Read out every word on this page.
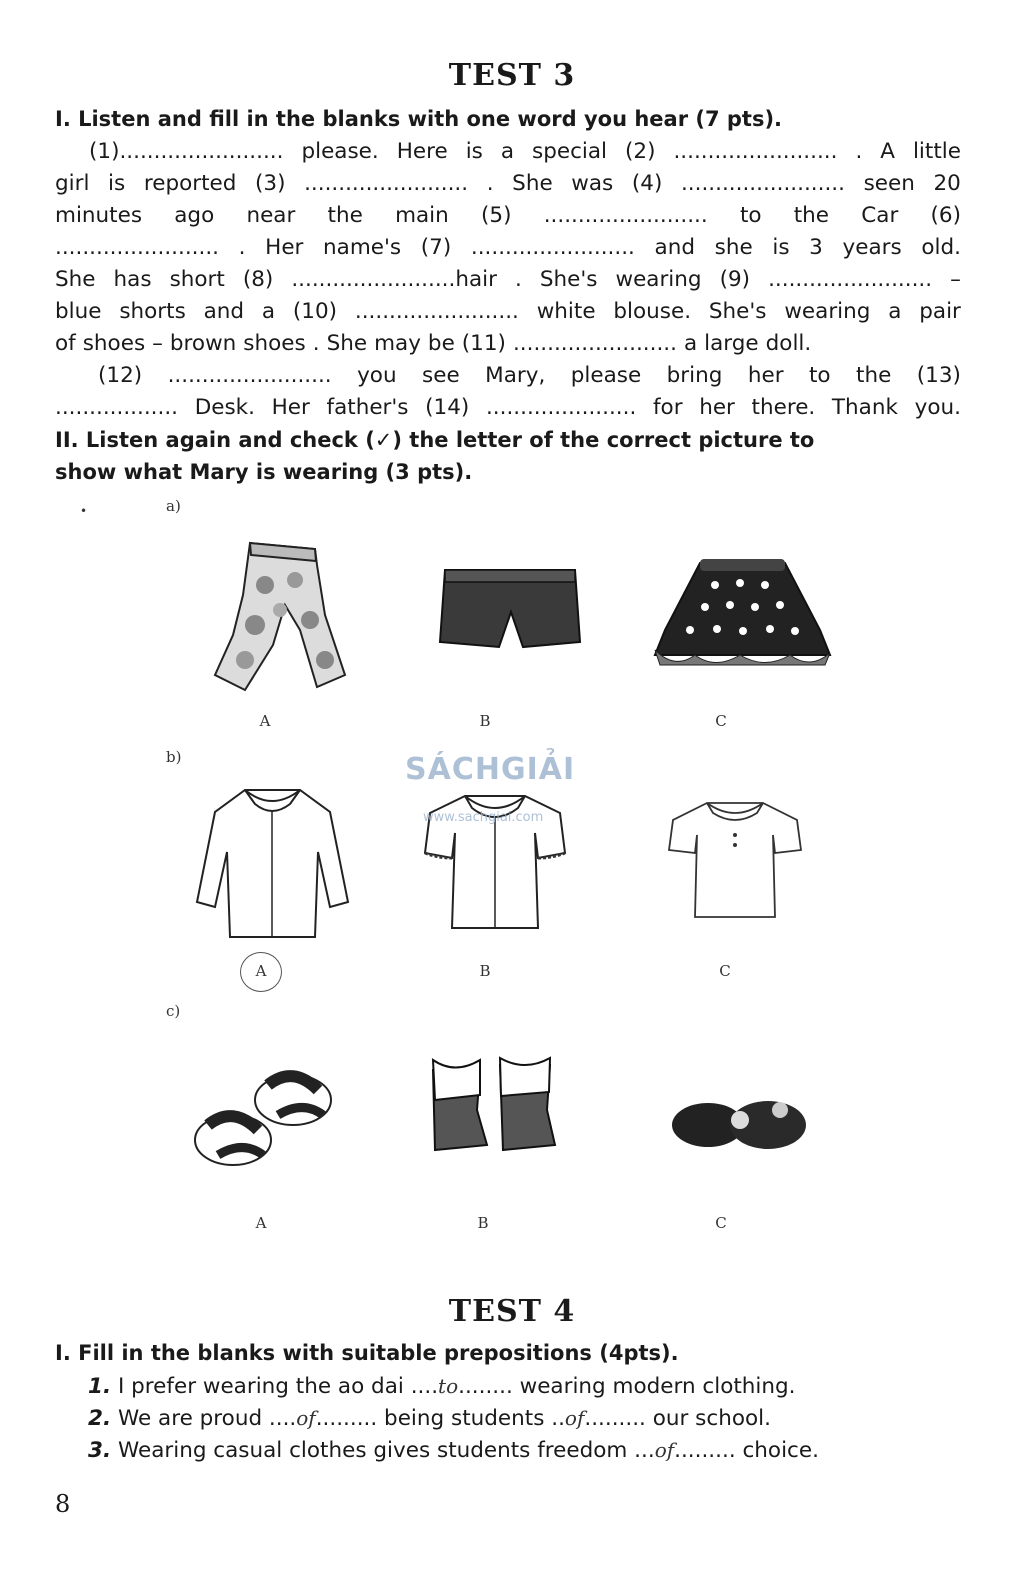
TEST 3
I. Listen and fill in the blanks with one word you hear (7 pts).
(1)........................ please. Here is a special (2) ........................ . A little
girl is reported (3) ........................ . She was (4) ........................ seen 20
minutes ago near the main (5) ........................ to the Car (6)
........................ . Her name's (7) ........................ and she is 3 years old.
She has short (8) ........................hair . She's wearing (9) ........................ –
blue shorts and a (10) ........................ white blouse. She's wearing a pair
of shoes – brown shoes . She may be (11) ........................ a large doll.
(12) ........................ you see Mary, please bring her to the (13)
.................. Desk. Her father's (14) ...................... for her there. Thank you.
II. Listen again and check (✓) the letter of the correct picture to
show what Mary is wearing (3 pts).
•	a)
A	B	C
b)
A	B	C
c)
A	B	C
SÁCHGIẢI
www.sachgiai.com
TEST 4
I. Fill in the blanks with suitable prepositions (4pts).
1. I prefer wearing the ao dai ....to........ wearing modern clothing.
2. We are proud ....of......... being students ..of......... our school.
3. Wearing casual clothes gives students freedom ...of......... choice.
8
